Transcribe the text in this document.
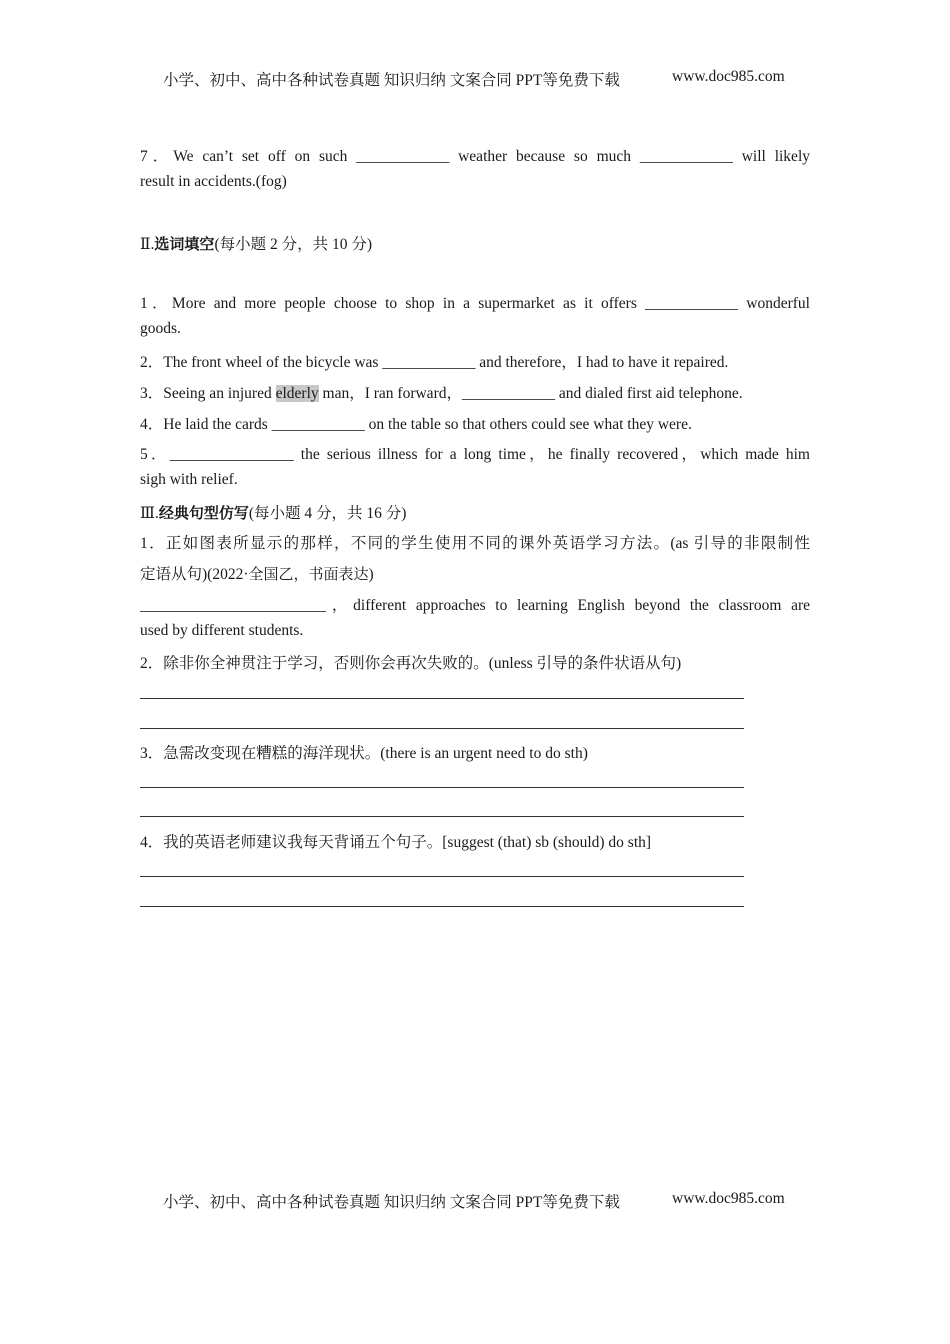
小学、初中、高中各种试卷真题 知识归纳 文案合同 PPT等免费下载	www.doc985.com
7．We can’t set off on such ____________ weather because so much ____________ will likely
result in accidents.(fog)
Ⅱ.选词填空(每小题 2 分，共 10 分)
1．More and more people choose to shop in a supermarket as it offers ____________ wonderful
goods.
2．The front wheel of the bicycle was ____________ and therefore，I had to have it repaired.
3．Seeing an injured elderly man，I ran forward，____________ and dialed first aid telephone.
4．He laid the cards ____________ on the table so that others could see what they were.
5．________________ the serious illness for a long time，he finally recovered，which made him
sigh with relief.
Ⅲ.经典句型仿写(每小题 4 分，共 16 分)
1．正如图表所显示的那样，不同的学生使用不同的课外英语学习方法。(as 引导的非限制性
定语从句)(2022·全国乙，书面表达)
________________________，different approaches to learning English beyond the classroom are
used by different students.
2．除非你全神贯注于学习，否则你会再次失败的。(unless 引导的条件状语从句)
3．急需改变现在糟糕的海洋现状。(there is an urgent need to do sth)
4．我的英语老师建议我每天背诵五个句子。[suggest (that) sb (should) do sth]
小学、初中、高中各种试卷真题 知识归纳 文案合同 PPT等免费下载	www.doc985.com
